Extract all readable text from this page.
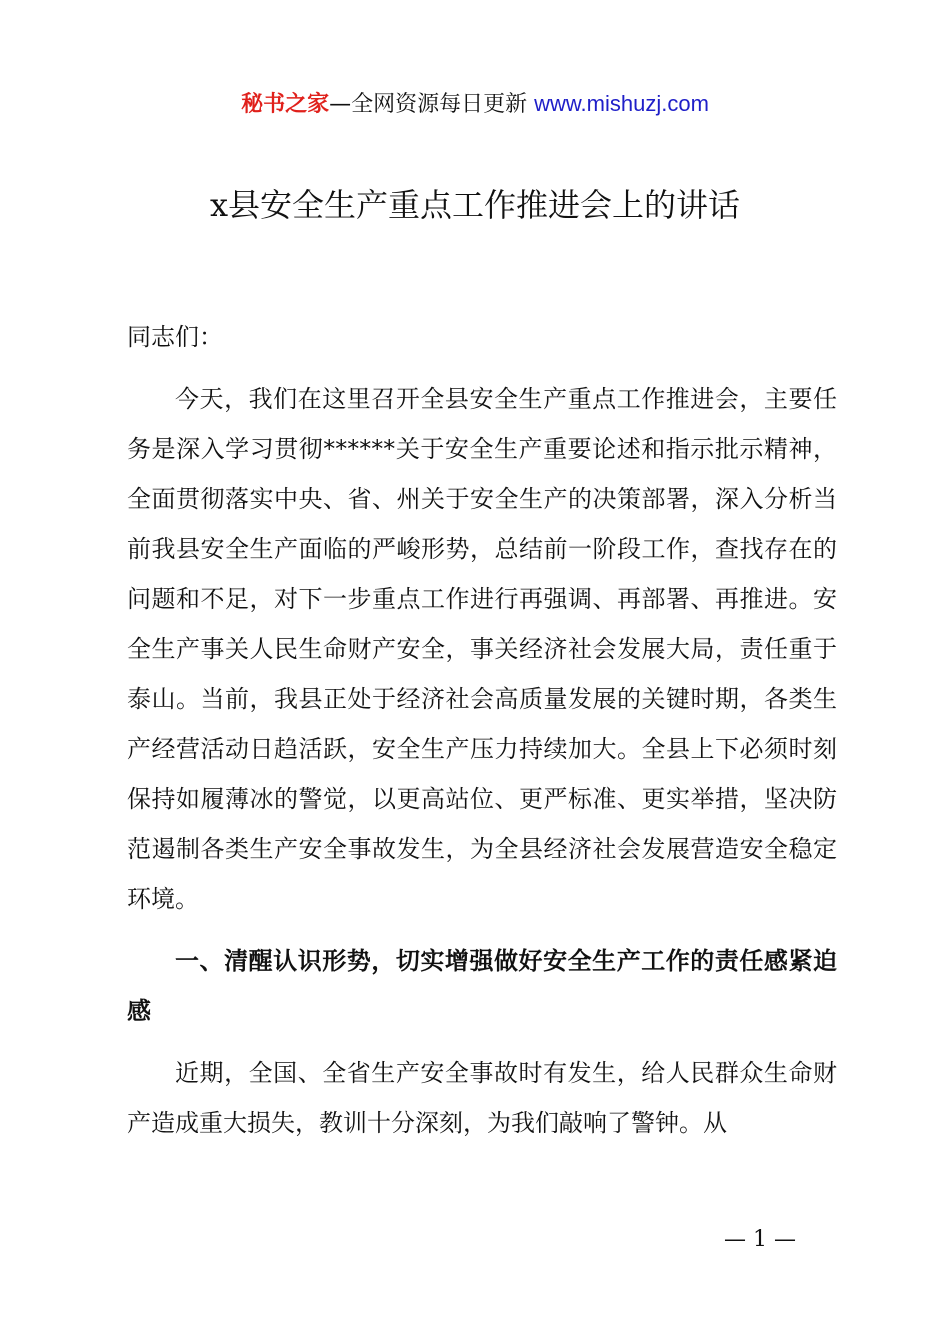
秘书之家—全网资源每日更新 www.mishuzj.com
x县安全生产重点工作推进会上的讲话

同志们：

今天，我们在这里召开全县安全生产重点工作推进会，主要任务是深入学习贯彻******关于安全生产重要论述和指示批示精神，全面贯彻落实中央、省、州关于安全生产的决策部署，深入分析当前我县安全生产面临的严峻形势，总结前一阶段工作，查找存在的问题和不足，对下一步重点工作进行再强调、再部署、再推进。安全生产事关人民生命财产安全，事关经济社会发展大局，责任重于泰山。当前，我县正处于经济社会高质量发展的关键时期，各类生产经营活动日趋活跃，安全生产压力持续加大。全县上下必须时刻保持如履薄冰的警觉，以更高站位、更严标准、更实举措，坚决防范遏制各类生产安全事故发生，为全县经济社会发展营造安全稳定环境。

一、清醒认识形势，切实增强做好安全生产工作的责任感紧迫感

近期，全国、全省生产安全事故时有发生，给人民群众生命财产造成重大损失，教训十分深刻，为我们敲响了警钟。从

— 1 —
